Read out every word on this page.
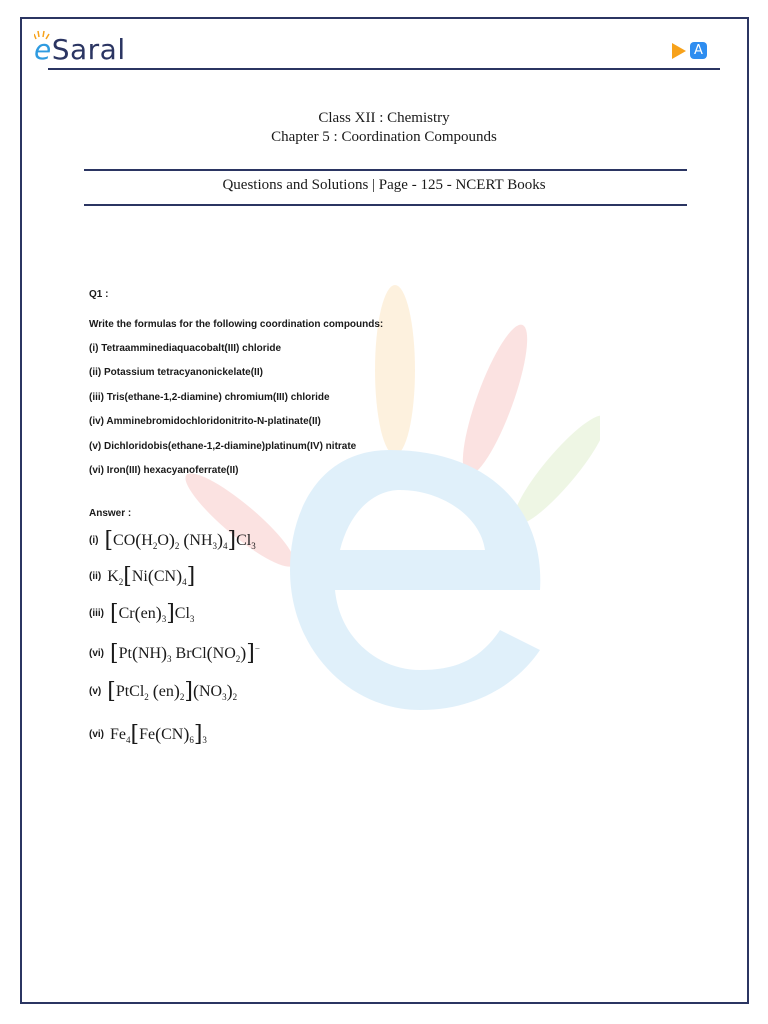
eSaral	A
Class XII : Chemistry
Chapter 5 : Coordination Compounds
Questions and Solutions | Page - 125 - NCERT Books
Q1 :
Write the formulas for the following coordination compounds:
(i) Tetraamminediaquacobalt(III) chloride
(ii) Potassium tetracyanonickelate(II)
(iii) Tris(ethane-1,2-diamine) chromium(III) chloride
(iv) Amminebromidochloridonitrito-N-platinate(II)
(v) Dichloridobis(ethane-1,2-diamine)platinum(IV) nitrate
(vi) Iron(III) hexacyanoferrate(II)
Answer :
(i) [$CO(H_2O)_2$ $(NH_3)_4]Cl_3$
(ii) $K_2[Ni(CN)_4]$
(iii) $[Cr(en)_3]Cl_3$
(vi) [$Pt(NH)_3$ $BrCl(NO_2)]^-$
(v) [PtCl$_2$ $(en)_2](NO_3)_2$
(vi) $Fe_4[Fe(CN)_6]_3$
